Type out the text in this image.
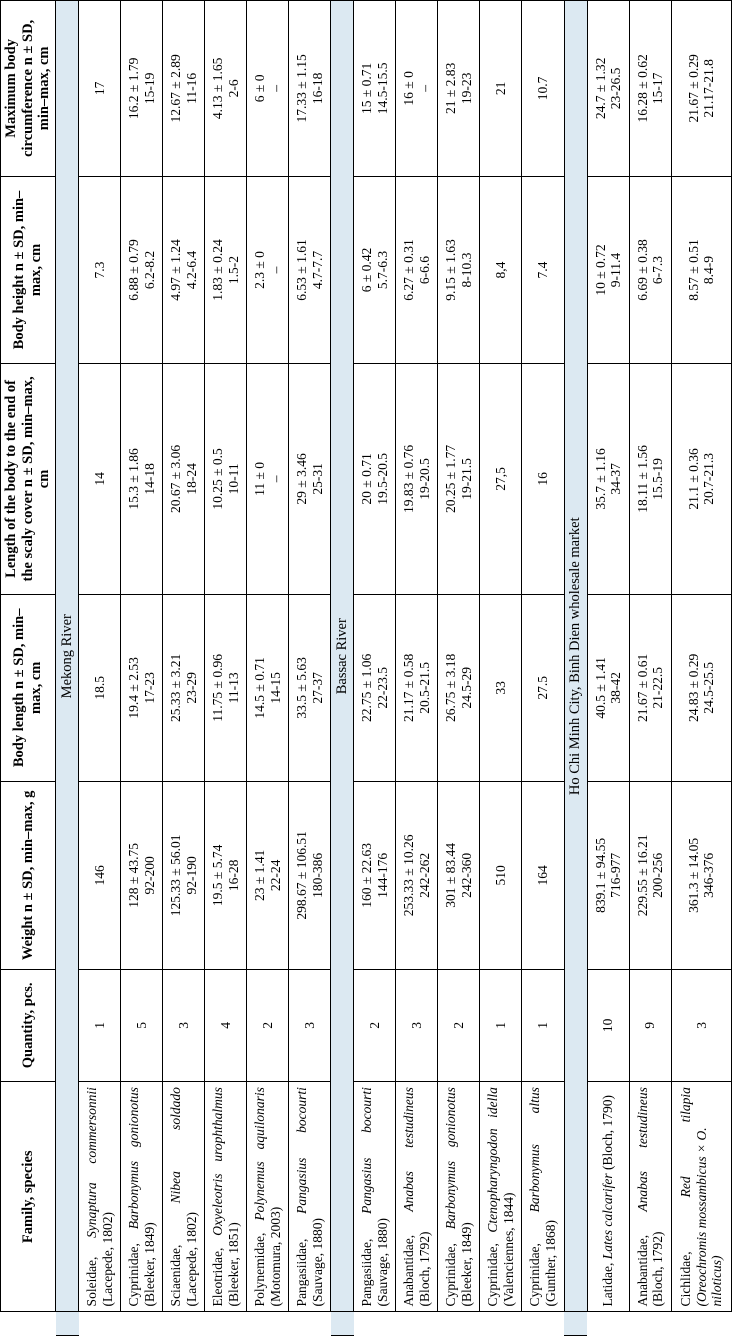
	Family, species	Quantity, pcs.	Weight n ± SD, min–max, g	Body length n ± SD, min–max, cm	Length of the body to the end of the scaly cover n ± SD, min–max, cm	Body height n ± SD, min–max, cm	Maximum body circumference n ± SD, min–max, cm
	Mekong River						

	Soleidae, Synaptura commersonnii
(Lacepede, 1802)	1	146	18.5	14	7.3	17

	Cyprinidae, Barbonymus gonionotus
(Bleeker, 1849)	5	128 ± 43.75 92-200	19.4 ± 2.53 17-23	15.3 ± 1.86 14-18	6.88 ± 0.79 6.2-8.2	16.2 ± 1.79 15-19

	Sciaenidae, Nibea soldado
(Lacepede, 1802)	3	125.33 ± 56.01 92-190	25.33 ± 3.21 23-29	20.67 ± 3.06 18-24	4.97 ± 1.24 4.2-6.4	12.67 ± 2.89 11-16

	Eleotridae, Oxyeleotris urophthalmus
(Bleeker, 1851)	4	19.5 ± 5.74 16-28	11.75 ± 0.96 11-13	10.25 ± 0.5 10-11	1.83 ± 0.24 1.5-2	4.13 ± 1.65 2-6

	Polynemidae, Polynemus aquilonaris
(Motomura, 2003)	2	23 ± 1.41 22-24	14.5 ± 0.71 14-15	11 ± 0 –	2.3 ± 0 –	6 ± 0 –

	Pangasiidae, Pangasius bocourti
(Sauvage, 1880)	3	298.67 ± 106.51 180-386	33.5 ± 5.63 27-37	29 ± 3.46 25-31	6.53 ± 1.61 4.7-7.7	17.33 ± 1.15 16-18

	Bassac River						

	Pangasiidae, Pangasius bocourti
(Sauvage, 1880)	2	160 ± 22.63 144-176	22.75 ± 1.06 22-23.5	20 ± 0.71 19.5-20.5	6 ± 0.42 5.7-6.3	15 ± 0.71 14.5-15.5

	Anabantidae, Anabas testudineus
(Bloch, 1792)	3	253.33 ± 10.26 242-262	21.17 ± 0.58 20.5-21.5	19.83 ± 0.76 19-20.5	6.27 ± 0.31 6-6.6	16 ± 0 –

	Cyprinidae, Barbonymus gonionotus
(Bleeker, 1849)	2	301 ± 83.44 242-360	26.75 ± 3.18 24.5-29	20.25 ± 1.77 19-21.5	9.15 ± 1.63 8-10.3	21 ± 2.83 19-23

	Cyprinidae, Ctenopharyngodon idella
(Valenciennes, 1844)	1	510	33	27,5	8,4	21

	Cyprinidae, Barbonymus altus
(Gunther, 1868)	1	164	27.5	16	7.4	10.7

	Ho Chi Minh City, Binh Dien wholesale market						
	Latidae, Lates calcarifer (Bloch, 1790)	10	839.1 ± 94.55 716-977	40.5 ± 1.41 38-42	35.7 ± 1.16 34-37	10 ± 0.72 9-11.4	24.7 ± 1.32 23-26.5

	Anabantidae, Anabas testudineus
(Bloch, 1792)	9	229.55 ± 16.21 200-256	21.67 ± 0.61 21-22.5	18.11 ± 1.56 15.5-19	6.69 ± 0.38 6-7.3	16.28 ± 0.62 15-17

	Cichlidae, Red tilapia
(Oreochromis mossambicus × O. niloticus)	3	361.3 ± 14.05 346-376	24.83 ± 0.29 24.5-25.5	21.1 ± 0.36 20.7-21.3	8.57 ± 0.51 8.4-9	21.67 ± 0.29 21.17-21.8
